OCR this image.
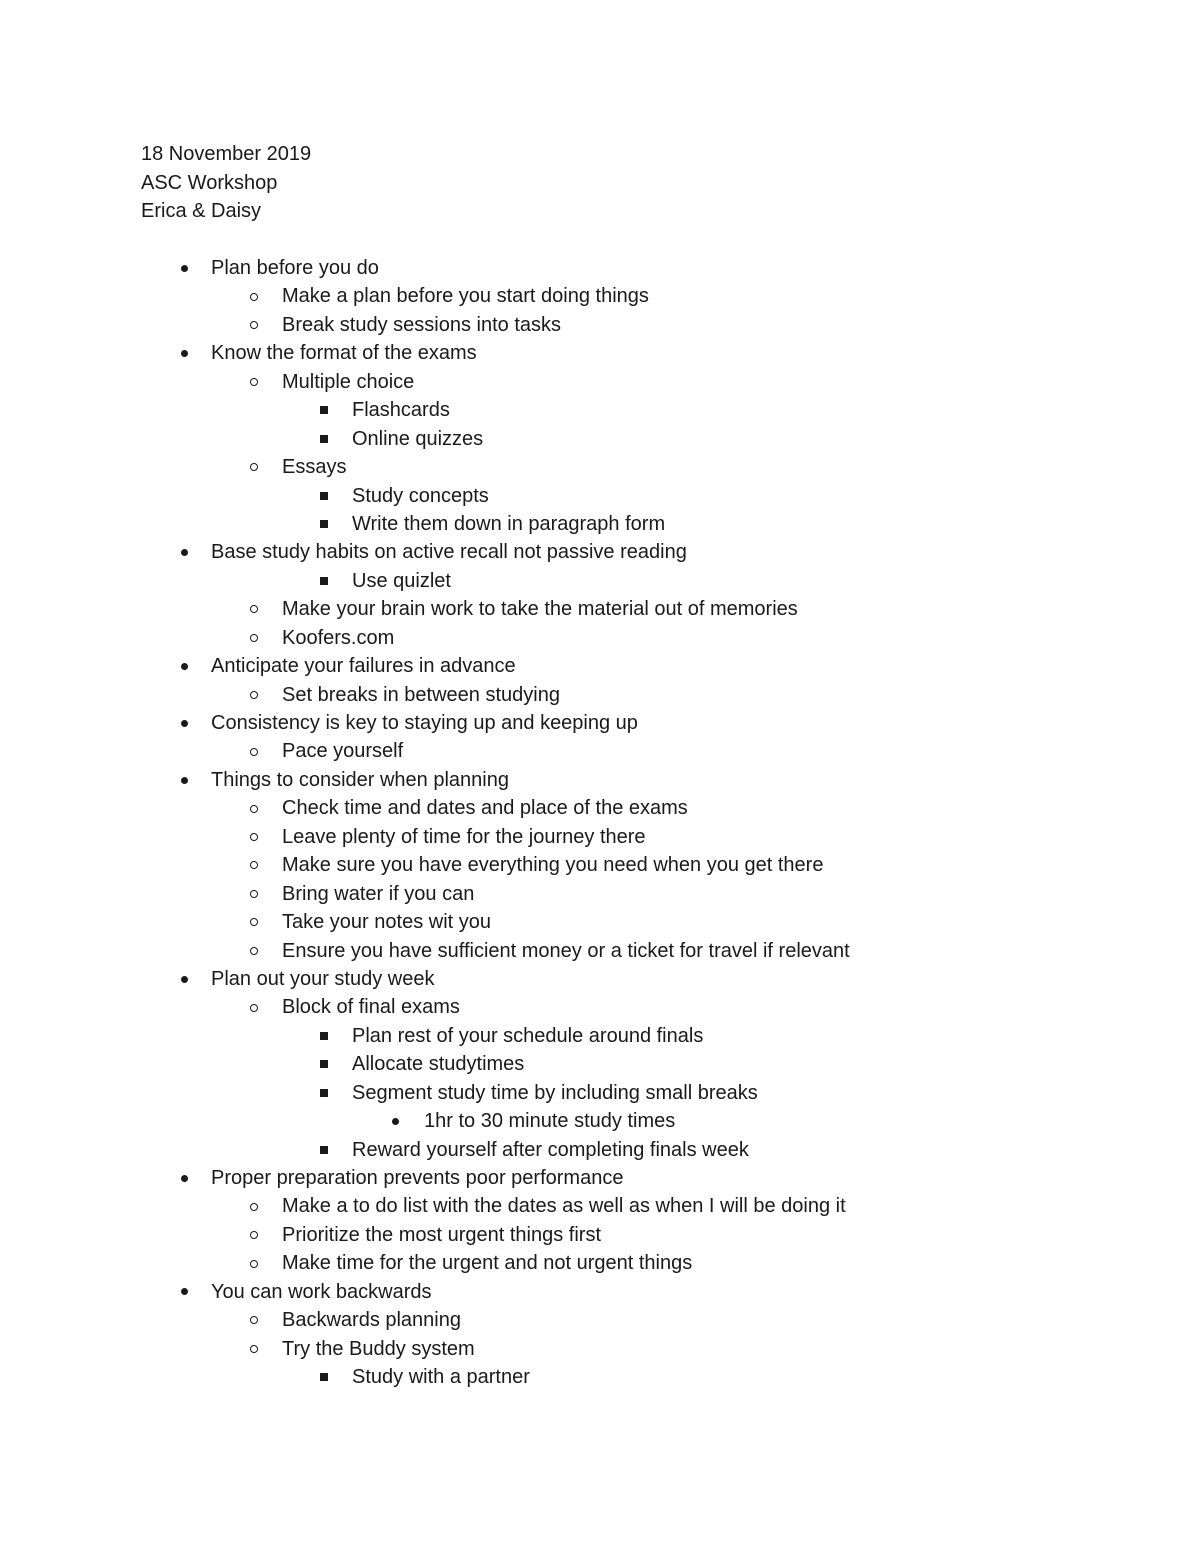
18 November 2019
ASC Workshop
Erica & Daisy
Plan before you do
Make a plan before you start doing things
Break study sessions into tasks
Know the format of the exams
Multiple choice
Flashcards
Online quizzes
Essays
Study concepts
Write them down in paragraph form
Base study habits on active recall not passive reading
Use quizlet
Make your brain work to take the material out of memories
Koofers.com
Anticipate your failures in advance
Set breaks in between studying
Consistency is key to staying up and keeping up
Pace yourself
Things to consider when planning
Check time and dates and place of the exams
Leave plenty of time for the journey there
Make sure you have everything you need when you get there
Bring water if you can
Take your notes wit you
Ensure you have sufficient money or a ticket for travel if relevant
Plan out your study week
Block of final exams
Plan rest of your schedule around finals
Allocate studytimes
Segment study time by including small breaks
1hr to 30 minute study times
Reward yourself after completing finals week
Proper preparation prevents poor performance
Make a to do list with the dates as well as when I will be doing it
Prioritize the most urgent things first
Make time for the urgent and not urgent things
You can work backwards
Backwards planning
Try the Buddy system
Study with a partner
